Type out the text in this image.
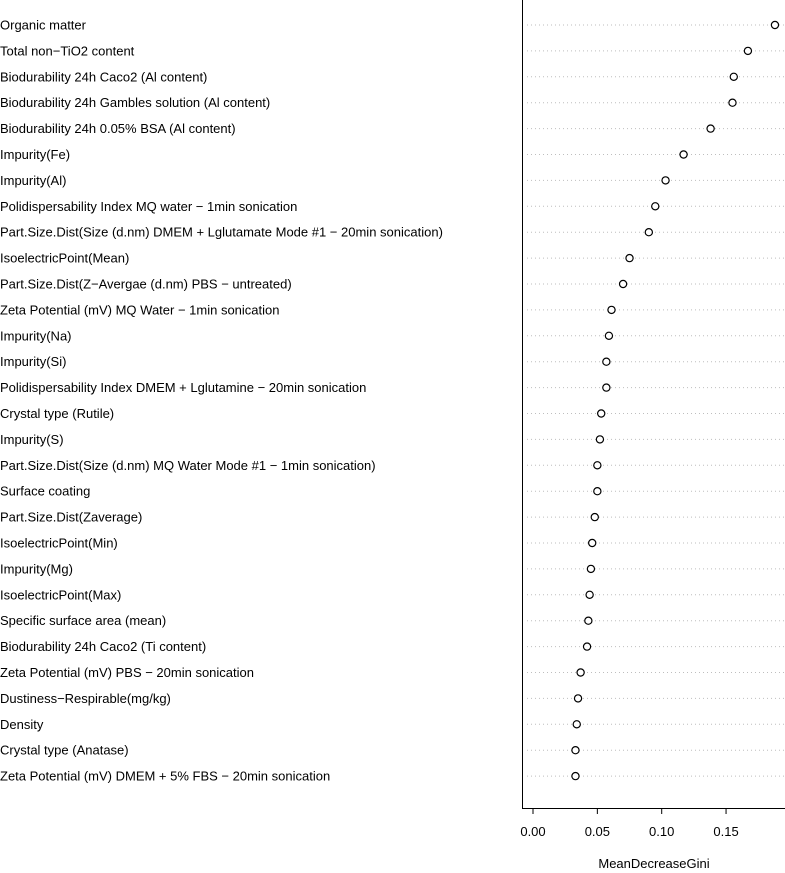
Organic matter
Total non−TiO2 content
Biodurability 24h Caco2 (Al content)
Biodurability 24h Gambles solution (Al content)
Biodurability 24h 0.05% BSA (Al content)
Impurity(Fe)
Impurity(Al)
Polidispersability Index MQ water − 1min sonication
Part.Size.Dist(Size (d.nm) DMEM + Lglutamate Mode #1 − 20min sonication)
IsoelectricPoint(Mean)
Part.Size.Dist(Z−Avergae (d.nm) PBS − untreated)
Zeta Potential (mV) MQ Water − 1min sonication
Impurity(Na)
Impurity(Si)
Polidispersability Index DMEM + Lglutamine − 20min sonication
Crystal type (Rutile)
Impurity(S)
Part.Size.Dist(Size (d.nm) MQ Water Mode #1 − 1min sonication)
Surface coating
Part.Size.Dist(Zaverage)
IsoelectricPoint(Min)
Impurity(Mg)
IsoelectricPoint(Max)
Specific surface area (mean)
Biodurability 24h Caco2 (Ti content)
Zeta Potential (mV) PBS − 20min sonication
Dustiness−Respirable(mg/kg)
Density
Crystal type (Anatase)
Zeta Potential (mV) DMEM + 5% FBS − 20min sonication
0.00	0.05	0.10	0.15
MeanDecreaseGini
